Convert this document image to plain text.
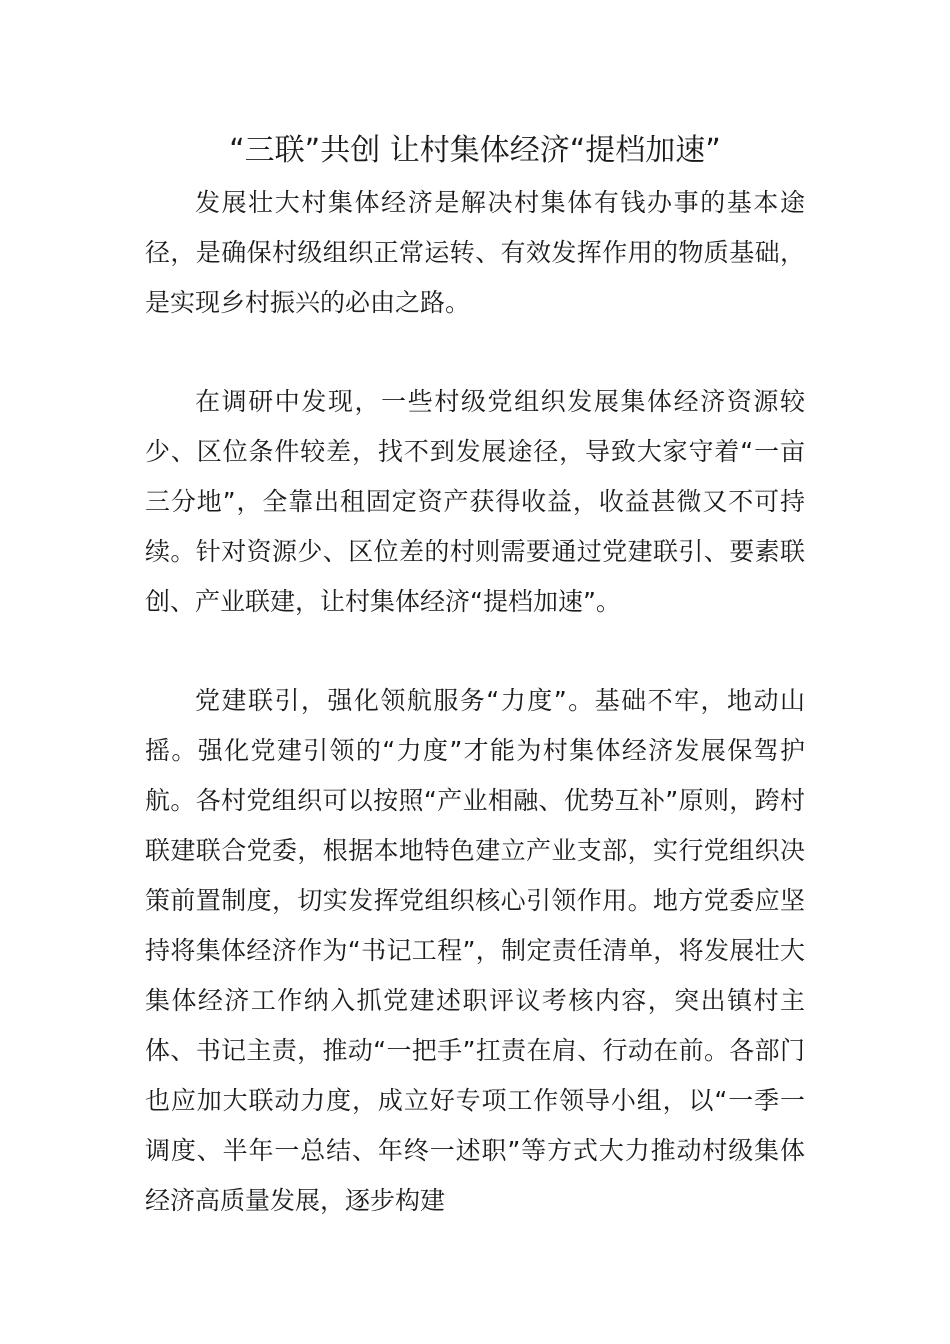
“三联”共创 让村集体经济“提档加速”

发展壮大村集体经济是解决村集体有钱办事的基本途径，是确保村级组织正常运转、有效发挥作用的物质基础，是实现乡村振兴的必由之路。

在调研中发现，一些村级党组织发展集体经济资源较少、区位条件较差，找不到发展途径，导致大家守着“一亩三分地”，全靠出租固定资产获得收益，收益甚微又不可持续。针对资源少、区位差的村则需要通过党建联引、要素联创、产业联建，让村集体经济“提档加速”。

党建联引，强化领航服务“力度”。基础不牢，地动山摇。强化党建引领的“力度”才能为村集体经济发展保驾护航。各村党组织可以按照“产业相融、优势互补”原则，跨村联建联合党委，根据本地特色建立产业支部，实行党组织决策前置制度，切实发挥党组织核心引领作用。地方党委应坚持将集体经济作为“书记工程”，制定责任清单，将发展壮大集体经济工作纳入抓党建述职评议考核内容，突出镇村主体、书记主责，推动“一把手”扛责在肩、行动在前。各部门也应加大联动力度，成立好专项工作领导小组，以“一季一调度、半年一总结、年终一述职”等方式大力推动村级集体经济高质量发展，逐步构建
